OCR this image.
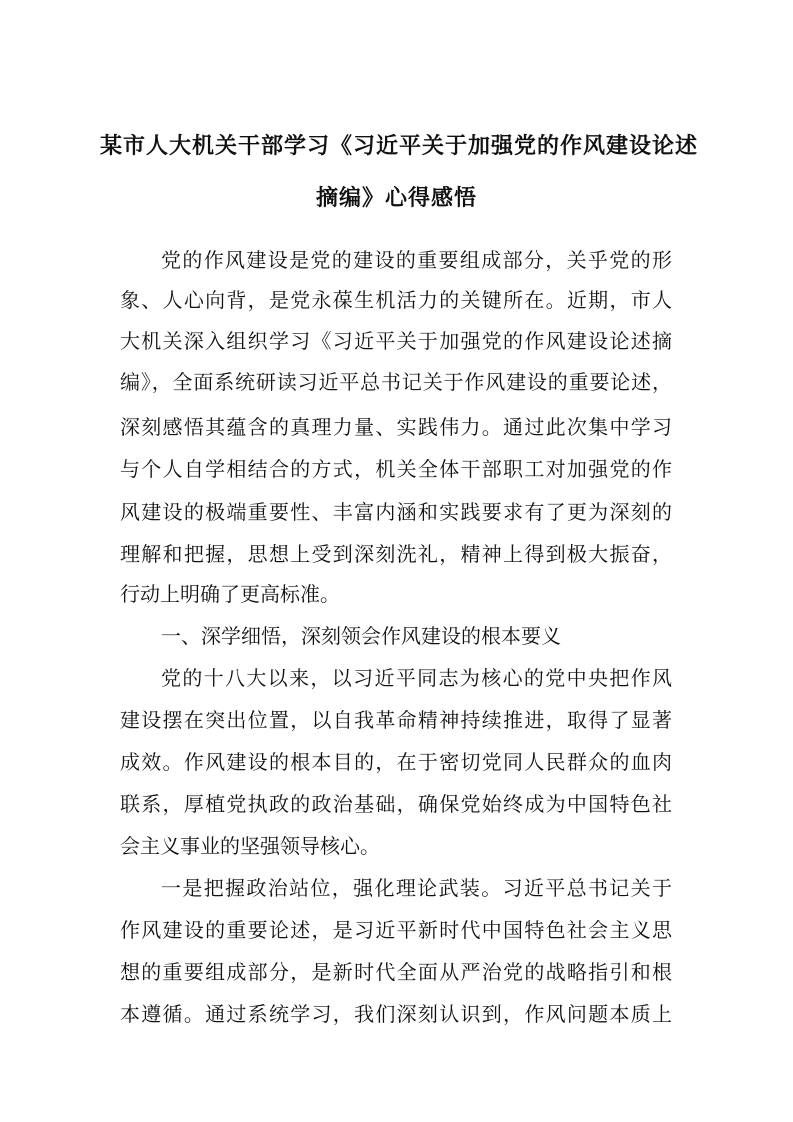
某市人大机关干部学习《习近平关于加强党的作风建设论述
摘编》心得感悟
党的作风建设是党的建设的重要组成部分，关乎党的形
象、人心向背，是党永葆生机活力的关键所在。近期，市人
大机关深入组织学习《习近平关于加强党的作风建设论述摘
编》，全面系统研读习近平总书记关于作风建设的重要论述，
深刻感悟其蕴含的真理力量、实践伟力。通过此次集中学习
与个人自学相结合的方式，机关全体干部职工对加强党的作
风建设的极端重要性、丰富内涵和实践要求有了更为深刻的
理解和把握，思想上受到深刻洗礼，精神上得到极大振奋，
行动上明确了更高标准。
一、深学细悟，深刻领会作风建设的根本要义
党的十八大以来，以习近平同志为核心的党中央把作风
建设摆在突出位置，以自我革命精神持续推进，取得了显著
成效。作风建设的根本目的，在于密切党同人民群众的血肉
联系，厚植党执政的政治基础，确保党始终成为中国特色社
会主义事业的坚强领导核心。
一是把握政治站位，强化理论武装。习近平总书记关于
作风建设的重要论述，是习近平新时代中国特色社会主义思
想的重要组成部分，是新时代全面从严治党的战略指引和根
本遵循。通过系统学习，我们深刻认识到，作风问题本质上
